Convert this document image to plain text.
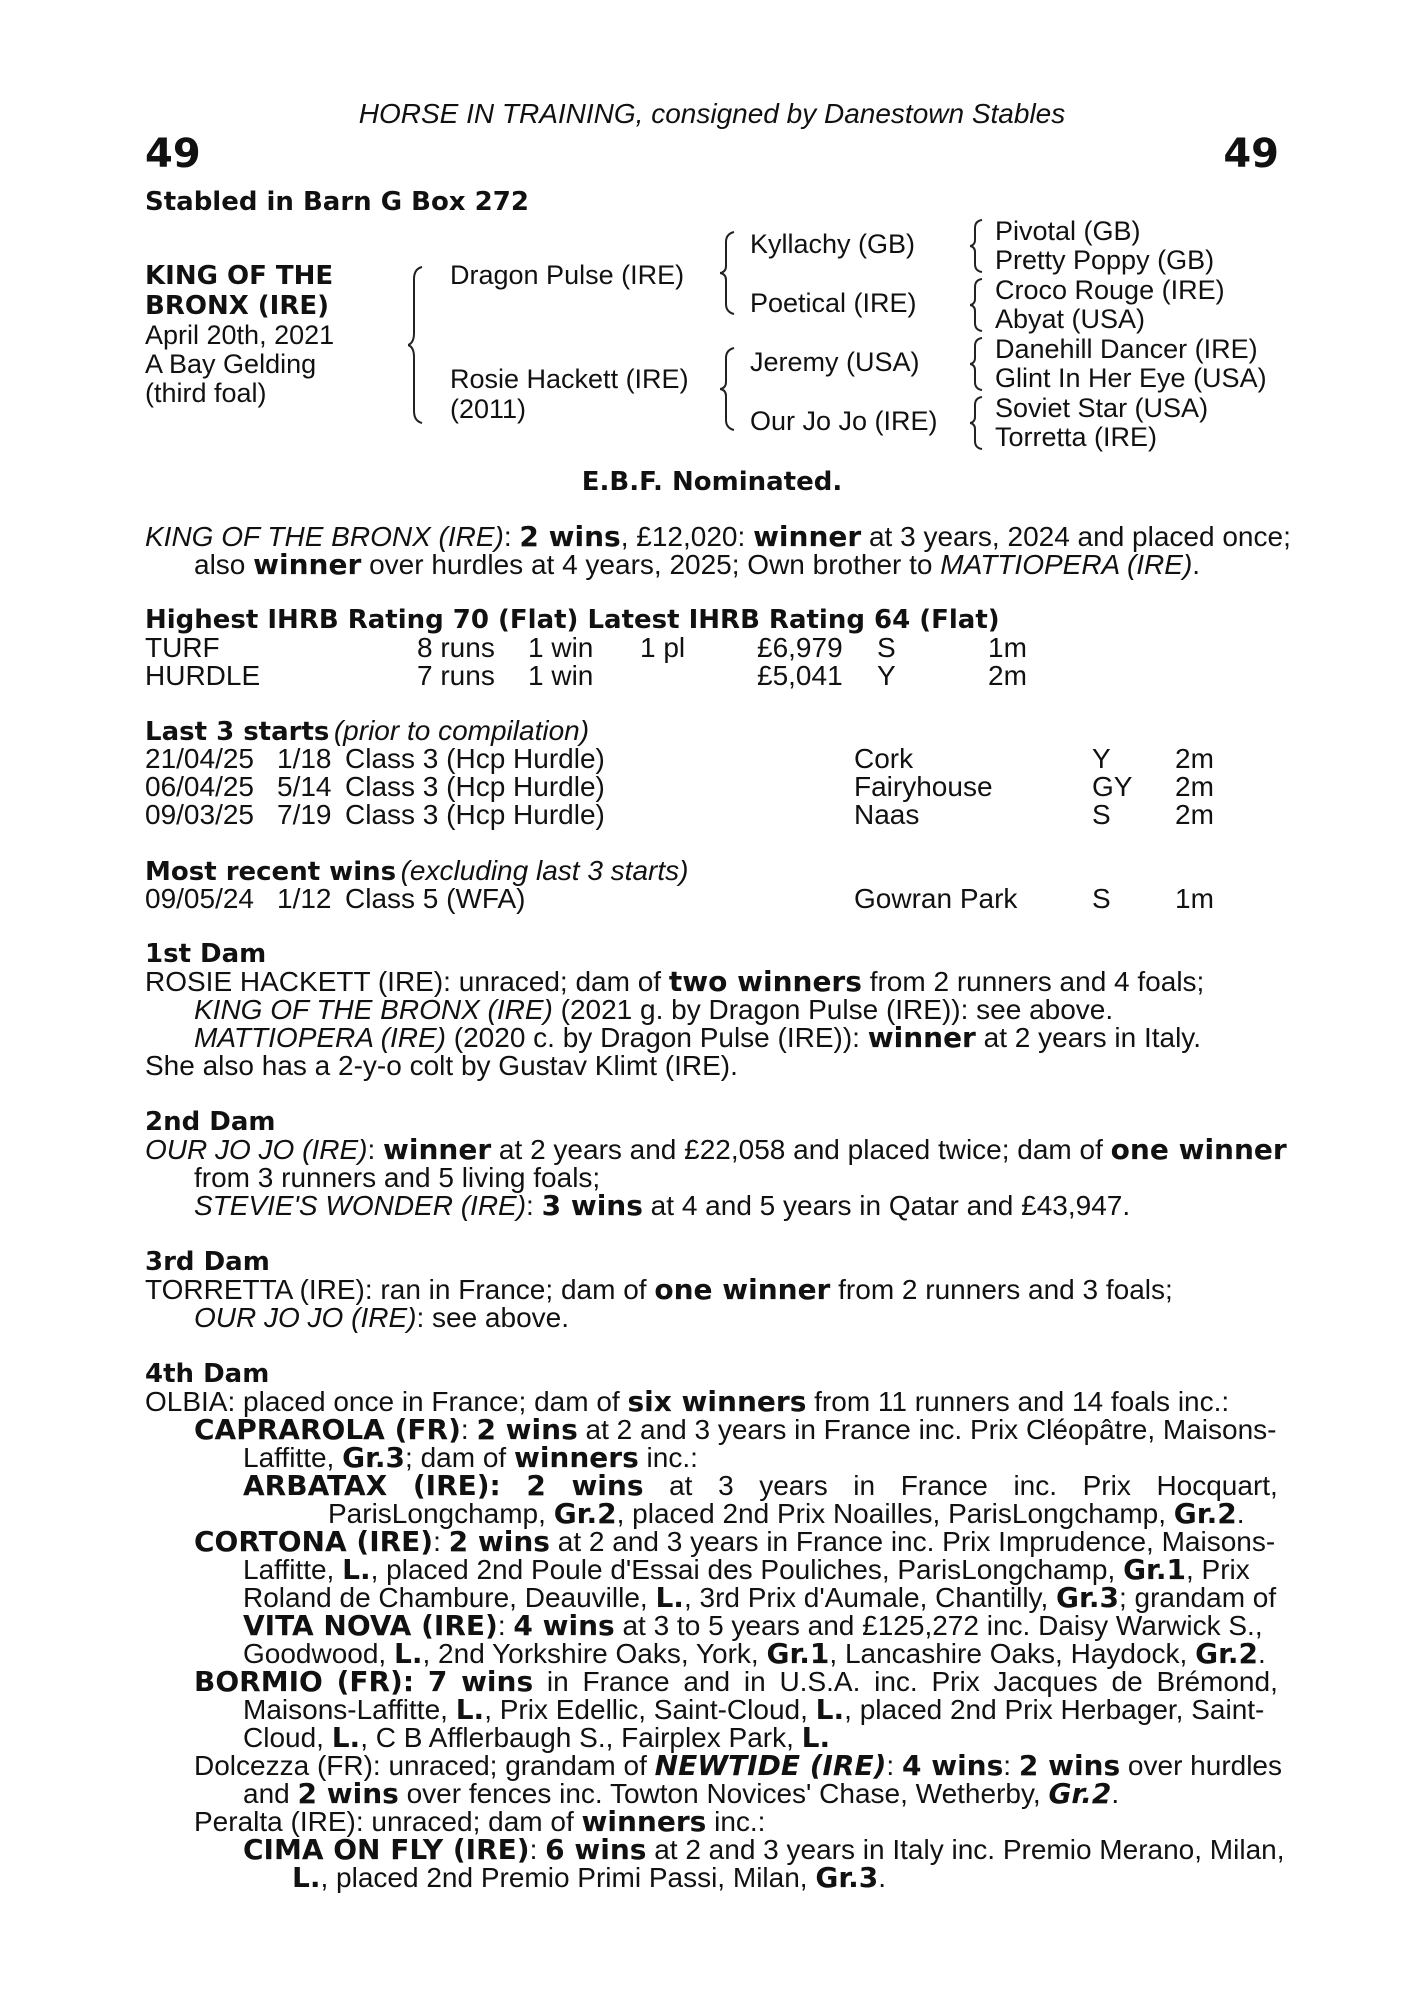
HORSE IN TRAINING, consigned by Danestown Stables
49	49
Stabled in Barn G Box 272
KING OF THE
BRONX (IRE)
April 20th, 2021
A Bay Gelding
(third foal)
Dragon Pulse (IRE)
Rosie Hackett (IRE)
(2011)
Kyllachy (GB)
Poetical (IRE)
Jeremy (USA)
Our Jo Jo (IRE)
Pivotal (GB)
Pretty Poppy (GB)
Croco Rouge (IRE)
Abyat (USA)
Danehill Dancer (IRE)
Glint In Her Eye (USA)
Soviet Star (USA)
Torretta (IRE)
E.B.F. Nominated.
KING OF THE BRONX (IRE): 2 wins, £12,020: winner at 3 years, 2024 and placed once;
also winner over hurdles at 4 years, 2025; Own brother to MATTIOPERA (IRE).
Highest IHRB Rating 70 (Flat) Latest IHRB Rating 64 (Flat)
TURF	8 runs 1 win 1 pl	£6,979 S	1m
HURDLE	7 runs 1 win	£5,041 Y	2m
Last 3 starts (prior to compilation)
21/04/25 1/18 Class 3 (Hcp Hurdle)	Cork	Y 2m
06/04/25 5/14 Class 3 (Hcp Hurdle)	Fairyhouse	GY 2m
09/03/25 7/19 Class 3 (Hcp Hurdle)	Naas	S 2m
Most recent wins (excluding last 3 starts)
09/05/24 1/12 Class 5 (WFA)	Gowran Park	S 1m
1st Dam
ROSIE HACKETT (IRE): unraced; dam of two winners from 2 runners and 4 foals;
KING OF THE BRONX (IRE) (2021 g. by Dragon Pulse (IRE)): see above.
MATTIOPERA (IRE) (2020 c. by Dragon Pulse (IRE)): winner at 2 years in Italy.
She also has a 2-y-o colt by Gustav Klimt (IRE).
2nd Dam
OUR JO JO (IRE): winner at 2 years and £22,058 and placed twice; dam of one winner
from 3 runners and 5 living foals;
STEVIE'S WONDER (IRE): 3 wins at 4 and 5 years in Qatar and £43,947.
3rd Dam
TORRETTA (IRE): ran in France; dam of one winner from 2 runners and 3 foals;
OUR JO JO (IRE): see above.
4th Dam
OLBIA: placed once in France; dam of six winners from 11 runners and 14 foals inc.:
CAPRAROLA (FR): 2 wins at 2 and 3 years in France inc. Prix Cléopâtre, Maisons-
Laffitte, Gr.3; dam of winners inc.:
ARBATAX (IRE): 2 wins at 3 years in France inc. Prix Hocquart,
ParisLongchamp, Gr.2, placed 2nd Prix Noailles, ParisLongchamp, Gr.2.
CORTONA (IRE): 2 wins at 2 and 3 years in France inc. Prix Imprudence, Maisons-
Laffitte, L., placed 2nd Poule d'Essai des Pouliches, ParisLongchamp, Gr.1, Prix
Roland de Chambure, Deauville, L., 3rd Prix d'Aumale, Chantilly, Gr.3; grandam of
VITA NOVA (IRE): 4 wins at 3 to 5 years and £125,272 inc. Daisy Warwick S.,
Goodwood, L., 2nd Yorkshire Oaks, York, Gr.1, Lancashire Oaks, Haydock, Gr.2.
BORMIO (FR): 7 wins in France and in U.S.A. inc. Prix Jacques de Brémond,
Maisons-Laffitte, L., Prix Edellic, Saint-Cloud, L., placed 2nd Prix Herbager, Saint-
Cloud, L., C B Afflerbaugh S., Fairplex Park, L.
Dolcezza (FR): unraced; grandam of NEWTIDE (IRE): 4 wins: 2 wins over hurdles
and 2 wins over fences inc. Towton Novices' Chase, Wetherby, Gr.2.
Peralta (IRE): unraced; dam of winners inc.:
CIMA ON FLY (IRE): 6 wins at 2 and 3 years in Italy inc. Premio Merano, Milan,
L., placed 2nd Premio Primi Passi, Milan, Gr.3.
